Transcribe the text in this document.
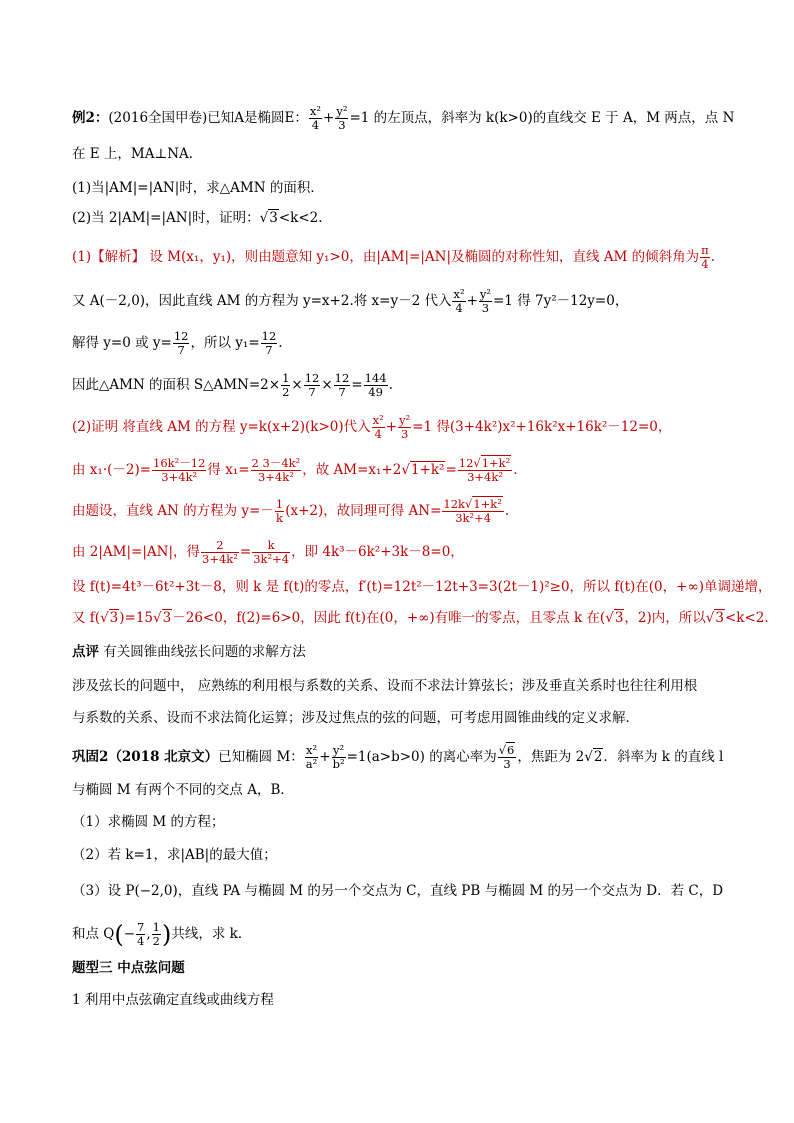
例2：(2016全国甲卷)已知A是椭圆E： $\frac{\text{x²}}{4} + \frac{\text{y²}}{3} =1$ 的左顶点，斜率为 k(k>0)的直线交 E 于 A，M 两点，点 N
在 E 上，MA⊥NA.
(1)当|AM|=|AN|时，求△AMN 的面积．
(2)当 2|AM|=|AN|时，证明：√3<k<2.
(1)【解析】 设 M(x₁，y₁)，则由题意知 y₁>0，由|AM|=|AN|及椭圆的对称性知，直线 AM 的倾斜角为 $\frac{\pi}{4}$ .
又 A(－2,0)，因此直线 AM 的方程为 y=x+2.将 x=y－2 代入 $\frac{\text{x²}}{4} + \frac{\text{y²}}{3} =1$ 得 7y²－12y=0，
解得 y=0 或 $y= \frac{12}{7}$ ，所以 $y_1= \frac{12}{7}$ .
因此△AMN 的面积 S△AMN=2× $\frac{1}{2} \times \frac{12}{7} \times \frac{12}{7} = \frac{144}{49}$ .
(2)证明 将直线 AM 的方程 y=k(x+2)(k>0)代入 $\frac{\text{x²}}{4} + \frac{\text{y²}}{3} =1$ 得(3+4k²)x²+16k²x+16k²－12=0，
由 $x_1\cdot(-2)= \frac{\text{16k²－12}}{\text{3+4k²}}$ 得 $x_1= \frac{\text{2 3－4k²}}{\text{3+4k²}}$ ，故 $AM=x_1+2√1+k^2= \frac{\text{12√1+k²}}{\text{3+4k²}}$ .
由题设，直线 AN 的方程为 $y=- \frac{1}{k} (x+2)$，故同理可得 $AN= \frac{\text{12k√1+k²}}{\text{3k²+4}}$ .
由 2|AM|=|AN|，得 $\frac{2}{\text{3+4k²}} = \frac{k}{\text{3k²+4}}$ ，即 4k³－6k²+3k－8=0，
设 f(t)=4t³－6t²+3t－8，则 k 是 f(t)的零点，f′(t)=12t²－12t+3=3(2t－1)²≥0，所以 f(t)在(0，+∞)单调递增，
又 f(√3)=15√3－26<0，f(2)=6>0，因此 f(t)在(0，+∞)有唯一的零点，且零点 k 在(√3，2)内，所以√3<k<2.
点评 有关圆锥曲线弦长问题的求解方法
涉及弦长的问题中， 应熟练的利用根与系数的关系、设而不求法计算弦长；涉及垂直关系时也往往利用根
与系数的关系、设而不求法简化运算；涉及过焦点的弦的问题，可考虑用圆锥曲线的定义求解．
巩固2（2018 北京文）已知椭圆 M： $\frac{\text{x²}}{\text{a²}} + \frac{\text{y²}}{\text{b²}} =1(a>b>0)$ 的离心率为 $\frac{√6}{3}$ ，焦距为 2√2．斜率为 k 的直线 l
与椭圆 M 有两个不同的交点 A，B．
（1）求椭圆 M 的方程；
（2）若 k=1，求|AB|的最大值；
（3）设 P(−2,0)，直线 PA 与椭圆 M 的另一个交点为 C，直线 PB 与椭圆 M 的另一个交点为 D．若 C，D
和点 $Q(- \frac{7}{4}$ , $\frac{1}{2}$ )共线，求 k．
题型三 中点弦问题
1 利用中点弦确定直线或曲线方程
